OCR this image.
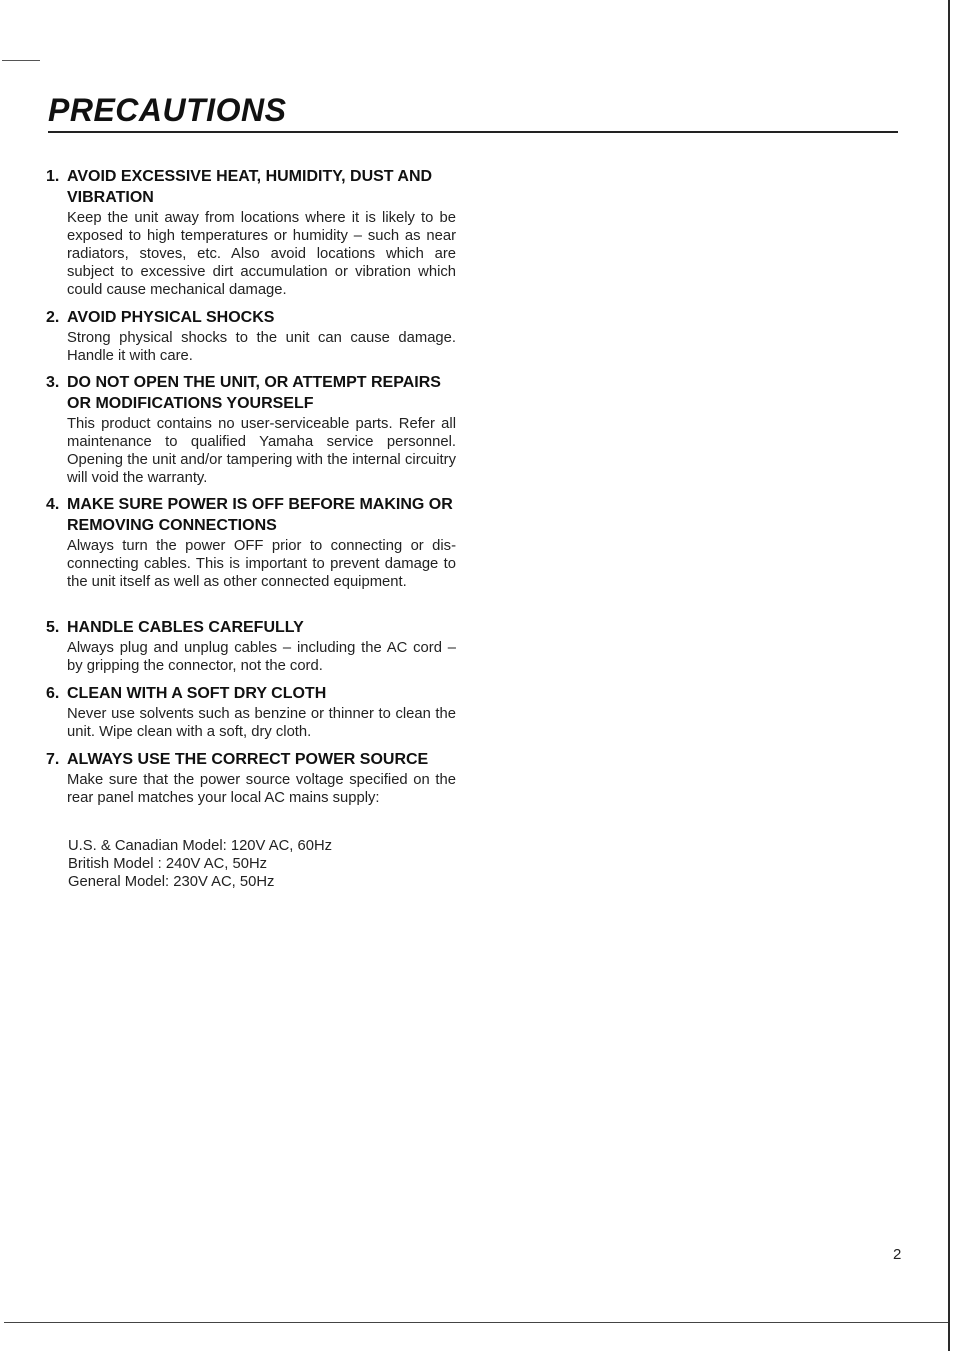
PRECAUTIONS
1. AVOID EXCESSIVE HEAT, HUMIDITY, DUST AND VIBRATION
Keep the unit away from locations where it is likely to be exposed to high temperatures or humidity – such as near radiators, stoves, etc. Also avoid locations which are subject to excessive dirt accumulation or vibration which could cause mechanical damage.
2. AVOID PHYSICAL SHOCKS
Strong physical shocks to the unit can cause damage. Handle it with care.
3. DO NOT OPEN THE UNIT, OR ATTEMPT REPAIRS OR MODIFICATIONS YOURSELF
This product contains no user-serviceable parts. Refer all maintenance to qualified Yamaha service personnel. Opening the unit and/or tampering with the internal circuitry will void the warranty.
4. MAKE SURE POWER IS OFF BEFORE MAKING OR REMOVING CONNECTIONS
Always turn the power OFF prior to connecting or disconnecting cables. This is important to prevent damage to the unit itself as well as other connected equipment.
5. HANDLE CABLES CAREFULLY
Always plug and unplug cables – including the AC cord – by gripping the connector, not the cord.
6. CLEAN WITH A SOFT DRY CLOTH
Never use solvents such as benzine or thinner to clean the unit. Wipe clean with a soft, dry cloth.
7. ALWAYS USE THE CORRECT POWER SOURCE
Make sure that the power source voltage specified on the rear panel matches your local AC mains supply:
U.S. & Canadian Model: 120V AC, 60Hz
British Model : 240V AC, 50Hz
General Model: 230V AC, 50Hz
2
